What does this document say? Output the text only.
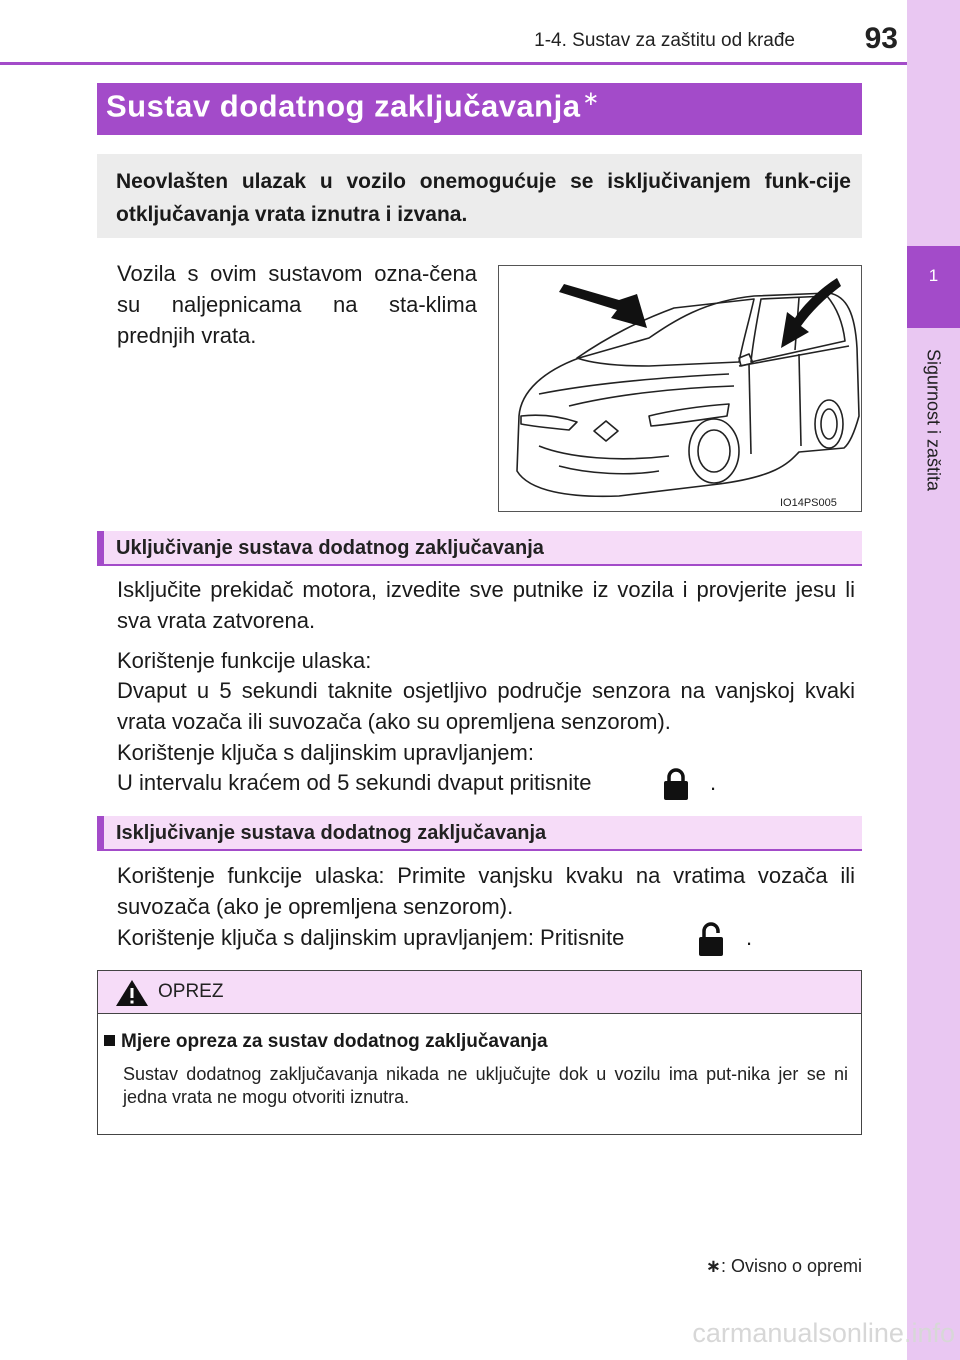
1
Sigurnost i zaštita
1-4. Sustav za zaštitu od krađe	93
Sustav dodatnog zaključavanja ∗
Neovlašten ulazak u vozilo onemogućuje se isključivanjem funk-cije otključavanja vrata iznutra i izvana.
Vozila s ovim sustavom ozna-čena su naljepnicama na sta-klima prednjih vrata.
IO14PS005
Uključivanje sustava dodatnog zaključavanja
Isključite prekidač motora, izvedite sve putnike iz vozila i provjerite jesu li sva vrata zatvorena.
Korištenje funkcije ulaska:
Dvaput u 5 sekundi taknite osjetljivo područje senzora na vanjskoj kvaki vrata vozača ili suvozača (ako su opremljena senzorom).
Korištenje ključa s daljinskim upravljanjem:
U intervalu kraćem od 5 sekundi dvaput pritisnite	.
Isključivanje sustava dodatnog zaključavanja
Korištenje funkcije ulaska: Primite vanjsku kvaku na vratima vozača ili suvozača (ako je opremljena senzorom).
Korištenje ključa s daljinskim upravljanjem: Pritisnite	.
OPREZ
Mjere opreza za sustav dodatnog zaključavanja
Sustav dodatnog zaključavanja nikada ne uključujte dok u vozilu ima put-nika jer se ni jedna vrata ne mogu otvoriti iznutra.
∗: Ovisno o opremi
carmanualsonline.info
